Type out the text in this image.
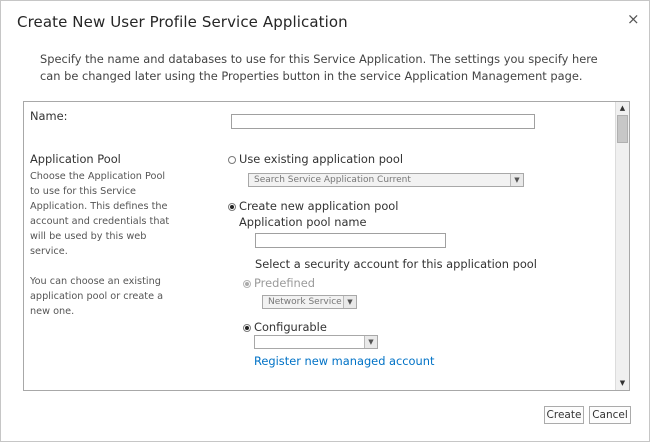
Create New User Profile Service Application	×
Specify the name and databases to use for this Service Application. The settings you specify here can be changed later using the Properties button in the service Application Management page.
Name:
Application Pool
Choose the Application Pool
to use for this Service
Application. This defines the
account and credentials that
will be used by this web
service.
You can choose an existing
application pool or create a
new one.
Use existing application pool
Search Service Application Current	▼
Create new application pool
Application pool name
Select a security account for this application pool
Predefined
Network Service ▼
Configurable
▼
Register new managed account
▲
▼
Create	Cancel
